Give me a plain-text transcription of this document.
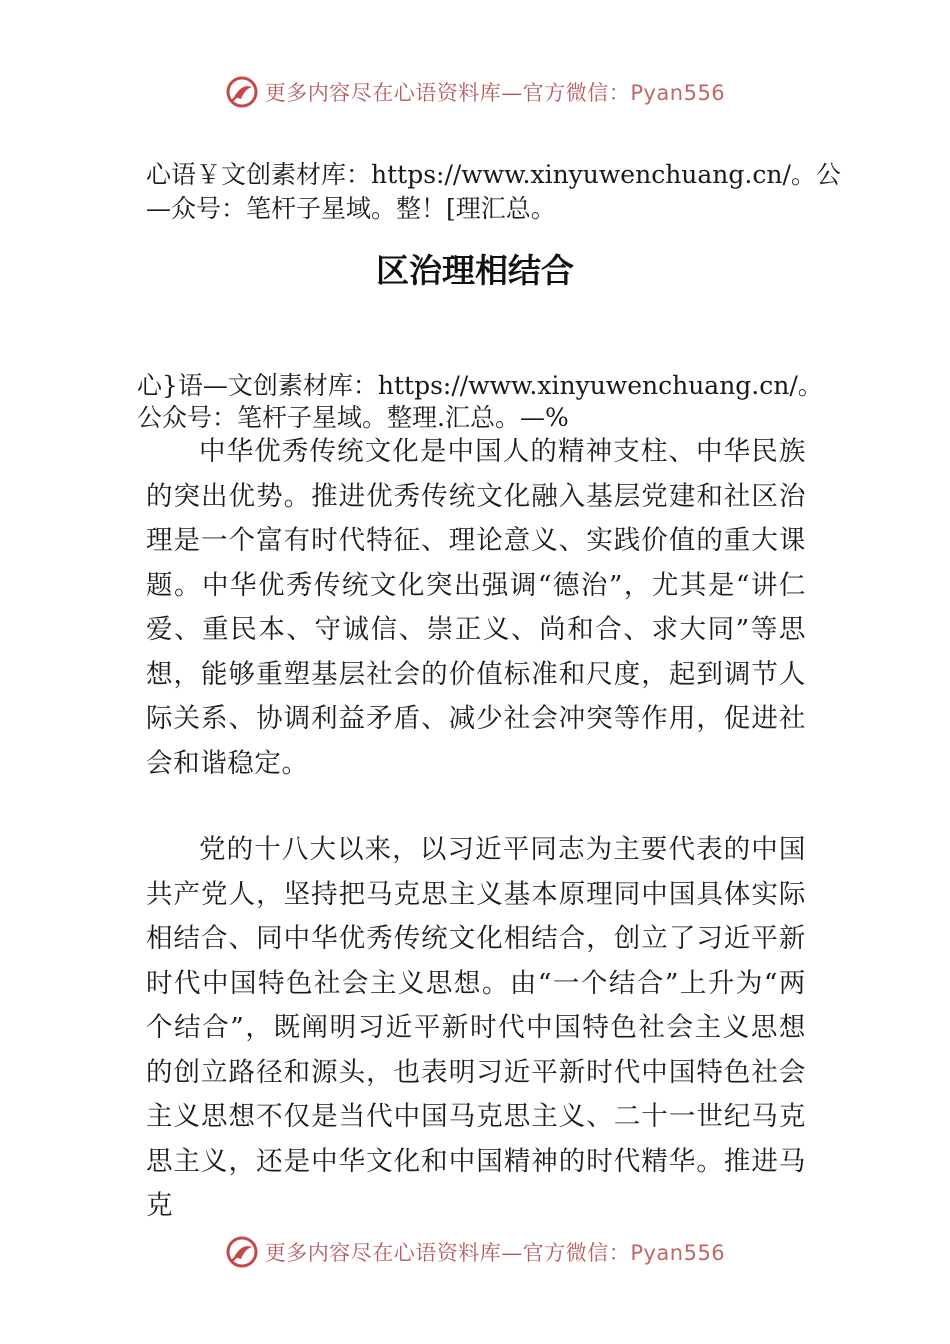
更多内容尽在心语资料库—官方微信：Pyan556
心语￥文创素材库：https://www.xinyuwenchuang.cn/。公
—众号：笔杆子星域。整！[理汇总。
区治理相结合
心}语—文创素材库：https://www.xinyuwenchuang.cn/。
公众号：笔杆子星域。整理.汇总。—%

中华优秀传统文化是中国人的精神支柱、中华民族的突出优势。推进优秀传统文化融入基层党建和社区治理是一个富有时代特征、理论意义、实践价值的重大课题。中华优秀传统文化突出强调“德治”，尤其是“讲仁爱、重民本、守诚信、崇正义、尚和合、求大同”等思想，能够重塑基层社会的价值标准和尺度，起到调节人际关系、协调利益矛盾、减少社会冲突等作用，促进社会和谐稳定。

党的十八大以来，以习近平同志为主要代表的中国共产党人，坚持把马克思主义基本原理同中国具体实际相结合、同中华优秀传统文化相结合，创立了习近平新时代中国特色社会主义思想。由“一个结合”上升为“两个结合”，既阐明习近平新时代中国特色社会主义思想的创立路径和源头，也表明习近平新时代中国特色社会主义思想不仅是当代中国马克思主义、二十一世纪马克思主义，还是中华文化和中国精神的时代精华。推进马克

更多内容尽在心语资料库—官方微信：Pyan556
